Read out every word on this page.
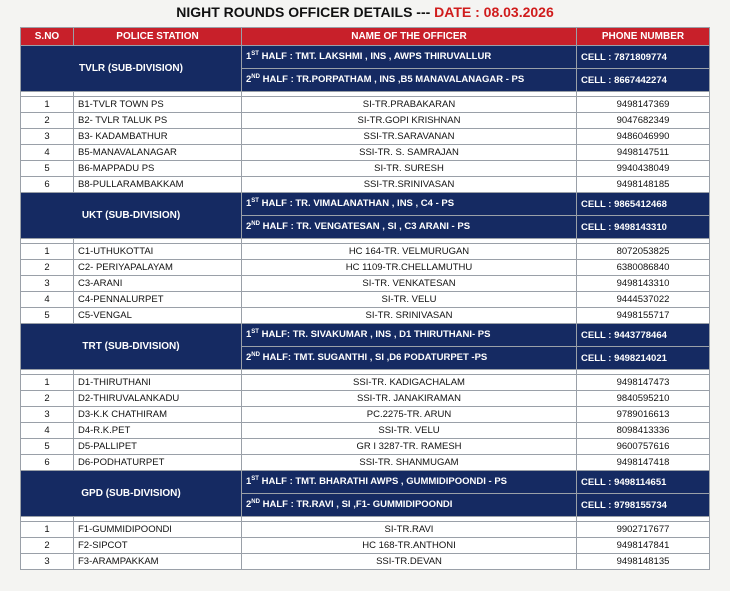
NIGHT ROUNDS OFFICER DETAILS --- DATE : 08.03.2026
S.NO	POLICE STATION	NAME OF THE OFFICER	PHONE NUMBER
TVLR (SUB-DIVISION)		1ST HALF : TMT. LAKSHMI , INS , AWPS THIRUVALLUR	CELL : 7871809774
		2ND HALF : TR.PORPATHAM , INS ,B5 MANAVALANAGAR - PS	CELL : 8667442274

1	B1-TVLR TOWN PS	SI-TR.PRABAKARAN	9498147369
2	B2- TVLR TALUK PS	SI-TR.GOPI KRISHNAN	9047682349
3	B3- KADAMBATHUR	SSI-TR.SARAVANAN	9486046990
4	B5-MANAVALANAGAR	SSI-TR. S. SAMRAJAN	9498147511
5	B6-MAPPADU PS	SI-TR. SURESH	9940438049
6	B8-PULLARAMBAKKAM	SSI-TR.SRINIVASAN	9498148185
UKT (SUB-DIVISION)		1ST HALF : TR. VIMALANATHAN , INS , C4 - PS	CELL : 9865412468
		2ND HALF : TR. VENGATESAN , SI , C3 ARANI - PS	CELL : 9498143310

1	C1-UTHUKOTTAI	HC 164-TR. VELMURUGAN	8072053825
2	C2- PERIYAPALAYAM	HC 1109-TR.CHELLAMUTHU	6380086840
3	C3-ARANI	SI-TR. VENKATESAN	9498143310
4	C4-PENNALURPET	SI-TR. VELU	9444537022
5	C5-VENGAL	SI-TR. SRINIVASAN	9498155717
TRT (SUB-DIVISION)		1ST HALF: TR. SIVAKUMAR , INS , D1 THIRUTHANI- PS	CELL : 9443778464
		2ND HALF: TMT. SUGANTHI , SI ,D6 PODATURPET -PS	CELL : 9498214021

1	D1-THIRUTHANI	SSI-TR. KADIGACHALAM	9498147473
2	D2-THIRUVALANKADU	SSI-TR. JANAKIRAMAN	9840595210
3	D3-K.K CHATHIRAM	PC.2275-TR. ARUN	9789016613
4	D4-R.K.PET	SSI-TR. VELU	8098413336
5	D5-PALLIPET	GR I 3287-TR. RAMESH	9600757616
6	D6-PODHATURPET	SSI-TR. SHANMUGAM	9498147418
GPD (SUB-DIVISION)		1ST HALF : TMT. BHARATHI AWPS , GUMMIDIPOONDI - PS	CELL : 9498114651
		2ND HALF : TR.RAVI , SI ,F1- GUMMIDIPOONDI	CELL : 9798155734

1	F1-GUMMIDIPOONDI	SI-TR.RAVI	9902717677
2	F2-SIPCOT	HC 168-TR.ANTHONI	9498147841
3	F3-ARAMPAKKAM	SSI-TR.DEVAN	9498148135
